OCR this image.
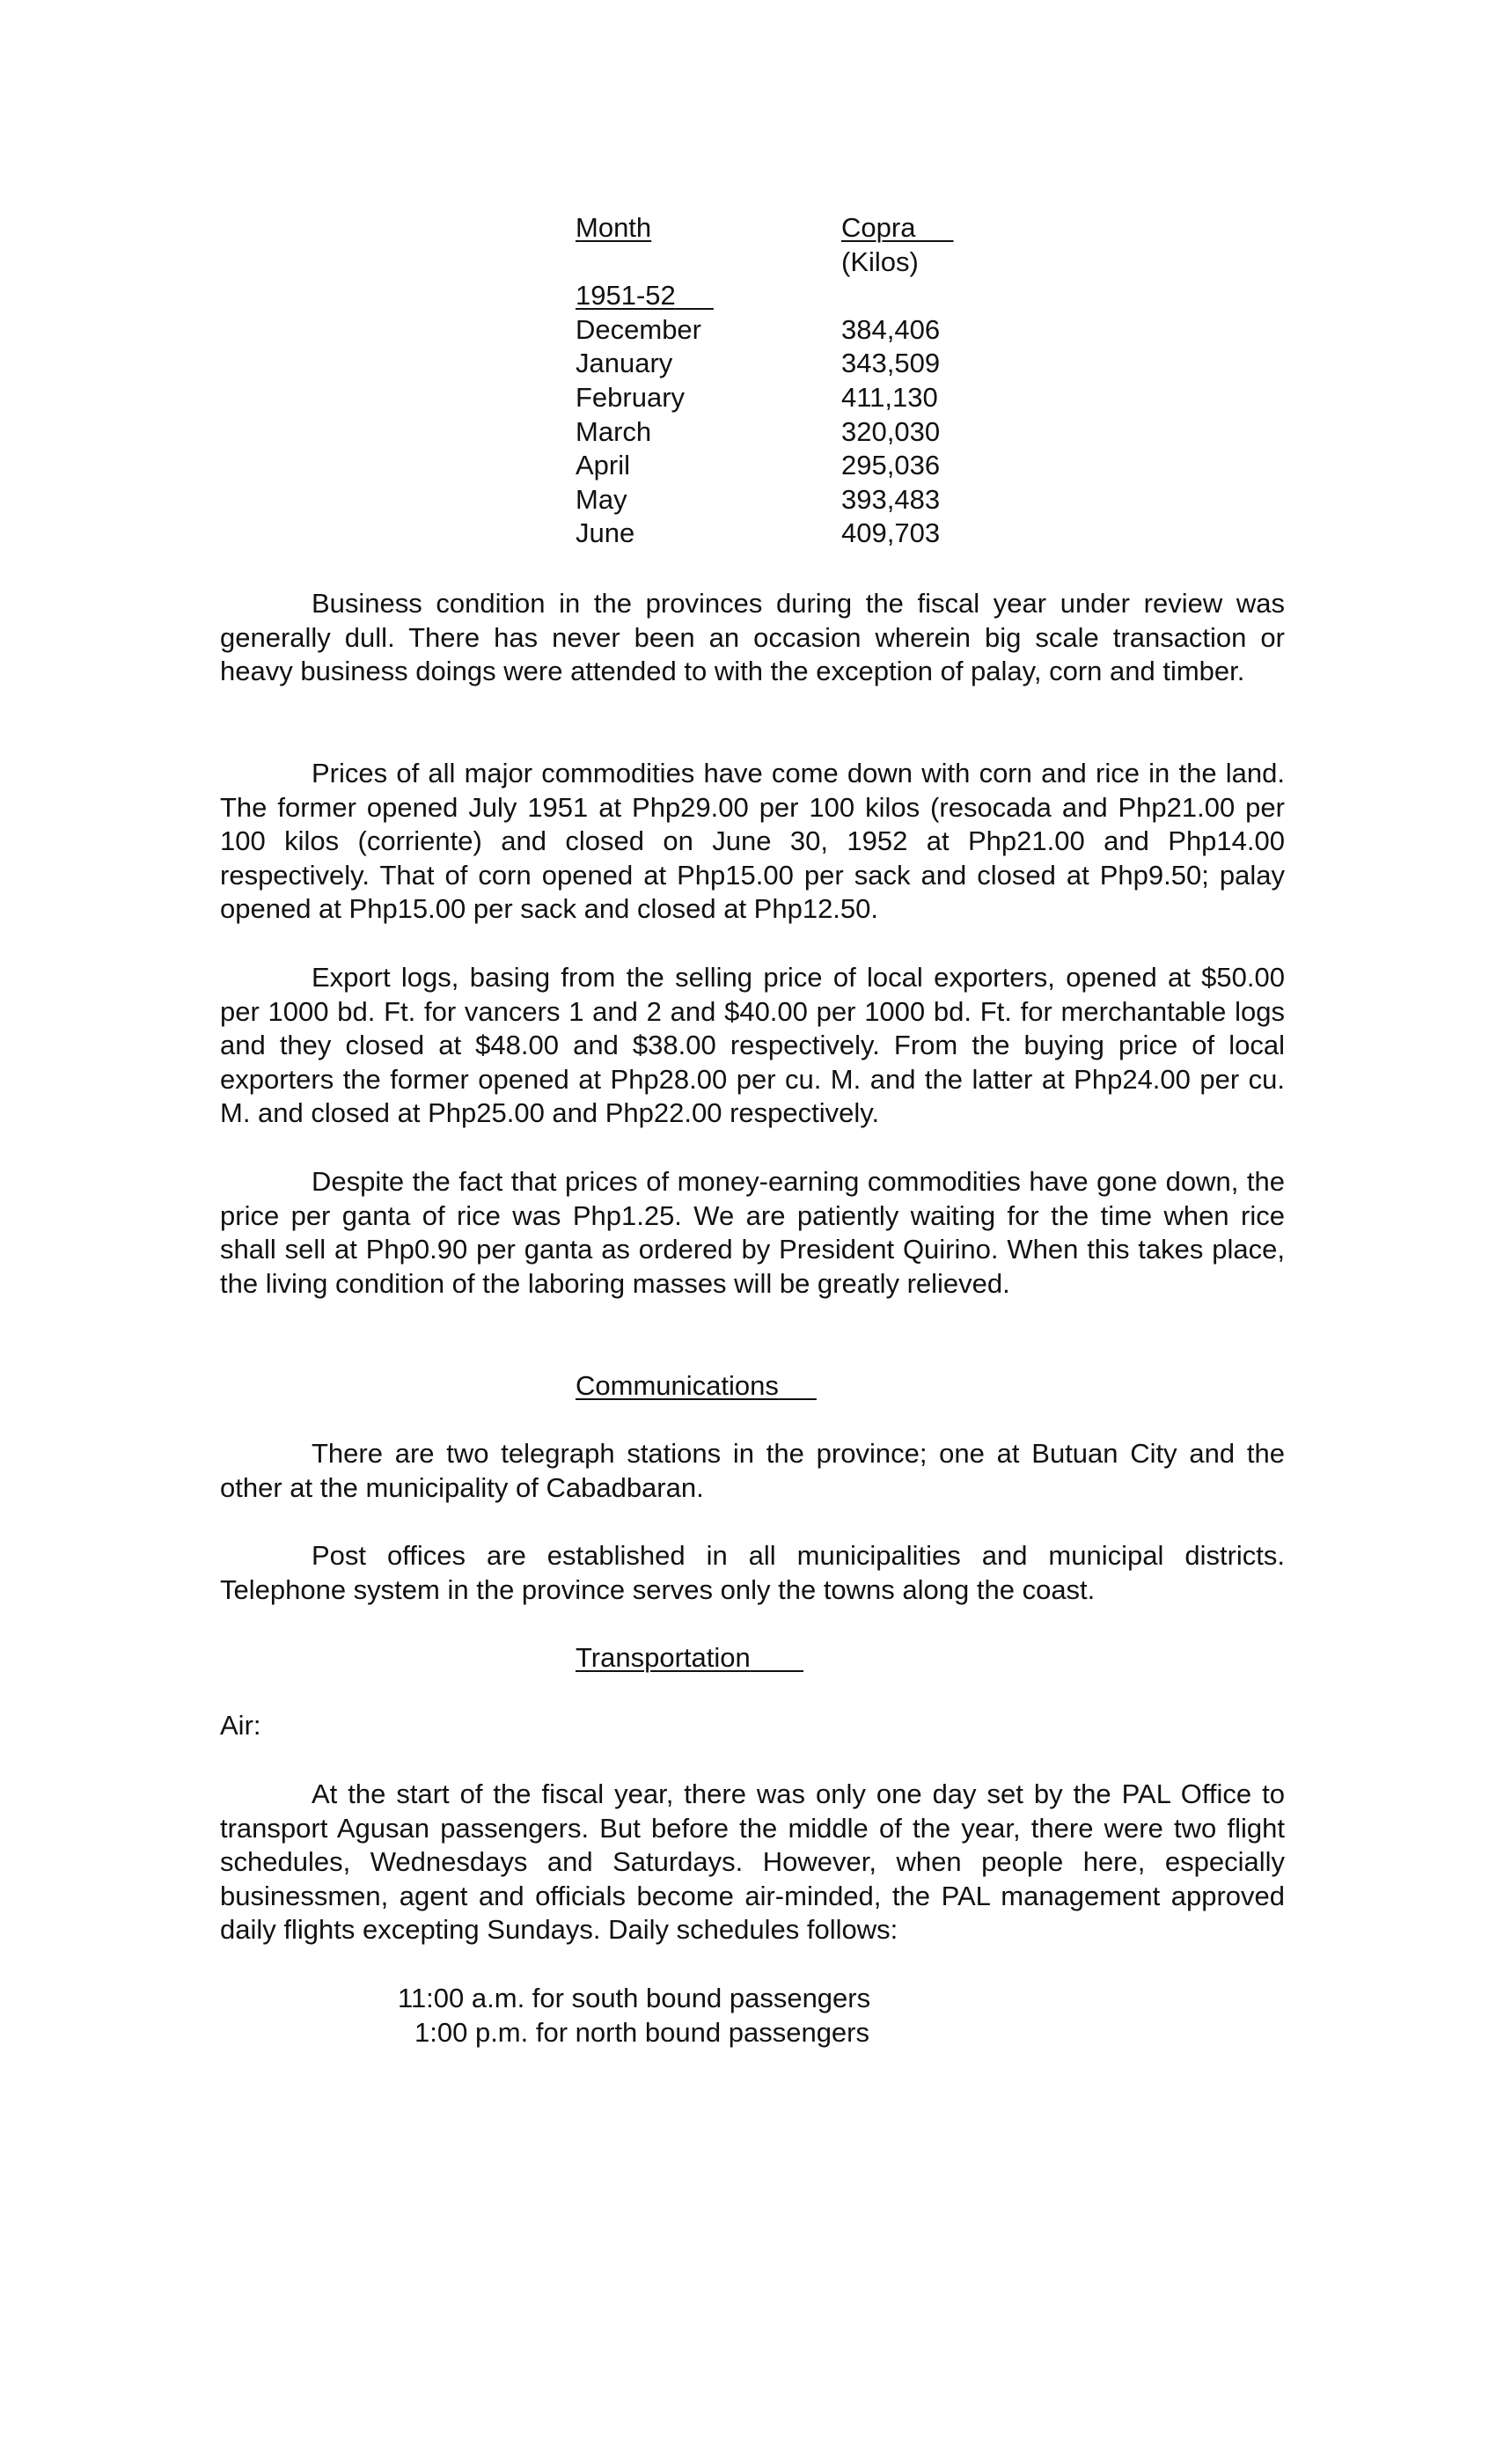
Month	Copra
(Kilos)
1951-52
December	384,406
January	343,509
February	411,130
March	320,030
April	295,036
May	393,483
June	409,703

Business condition in the provinces during the fiscal year under review was generally dull. There has never been an occasion wherein big scale transaction or heavy business doings were attended to with the exception of palay, corn and timber.

Prices of all major commodities have come down with corn and rice in the land. The former opened July 1951 at Php29.00 per 100 kilos (resocada and Php21.00 per 100 kilos (corriente) and closed on June 30, 1952 at Php21.00 and Php14.00 respectively. That of corn opened at Php15.00 per sack and closed at Php9.50; palay opened at Php15.00 per sack and closed at Php12.50.

Export logs, basing from the selling price of local exporters, opened at $50.00 per 1000 bd. Ft. for vancers 1 and 2 and $40.00 per 1000 bd. Ft. for merchantable logs and they closed at $48.00 and $38.00 respectively. From the buying price of local exporters the former opened at Php28.00 per cu. M. and the latter at Php24.00 per cu. M. and closed at Php25.00 and Php22.00 respectively.

Despite the fact that prices of money-earning commodities have gone down, the price per ganta of rice was Php1.25. We are patiently waiting for the time when rice shall sell at Php0.90 per ganta as ordered by President Quirino. When this takes place, the living condition of the laboring masses will be greatly relieved.

Communications

There are two telegraph stations in the province; one at Butuan City and the other at the municipality of Cabadbaran.

Post offices are established in all municipalities and municipal districts. Telephone system in the province serves only the towns along the coast.

Transportation
Air:

At the start of the fiscal year, there was only one day set by the PAL Office to transport Agusan passengers. But before the middle of the year, there were two flight schedules, Wednesdays and Saturdays. However, when people here, especially businessmen, agent and officials become air-minded, the PAL management approved daily flights excepting Sundays. Daily schedules follows:

11:00 a.m. for south bound passengers
1:00 p.m. for north bound passengers
